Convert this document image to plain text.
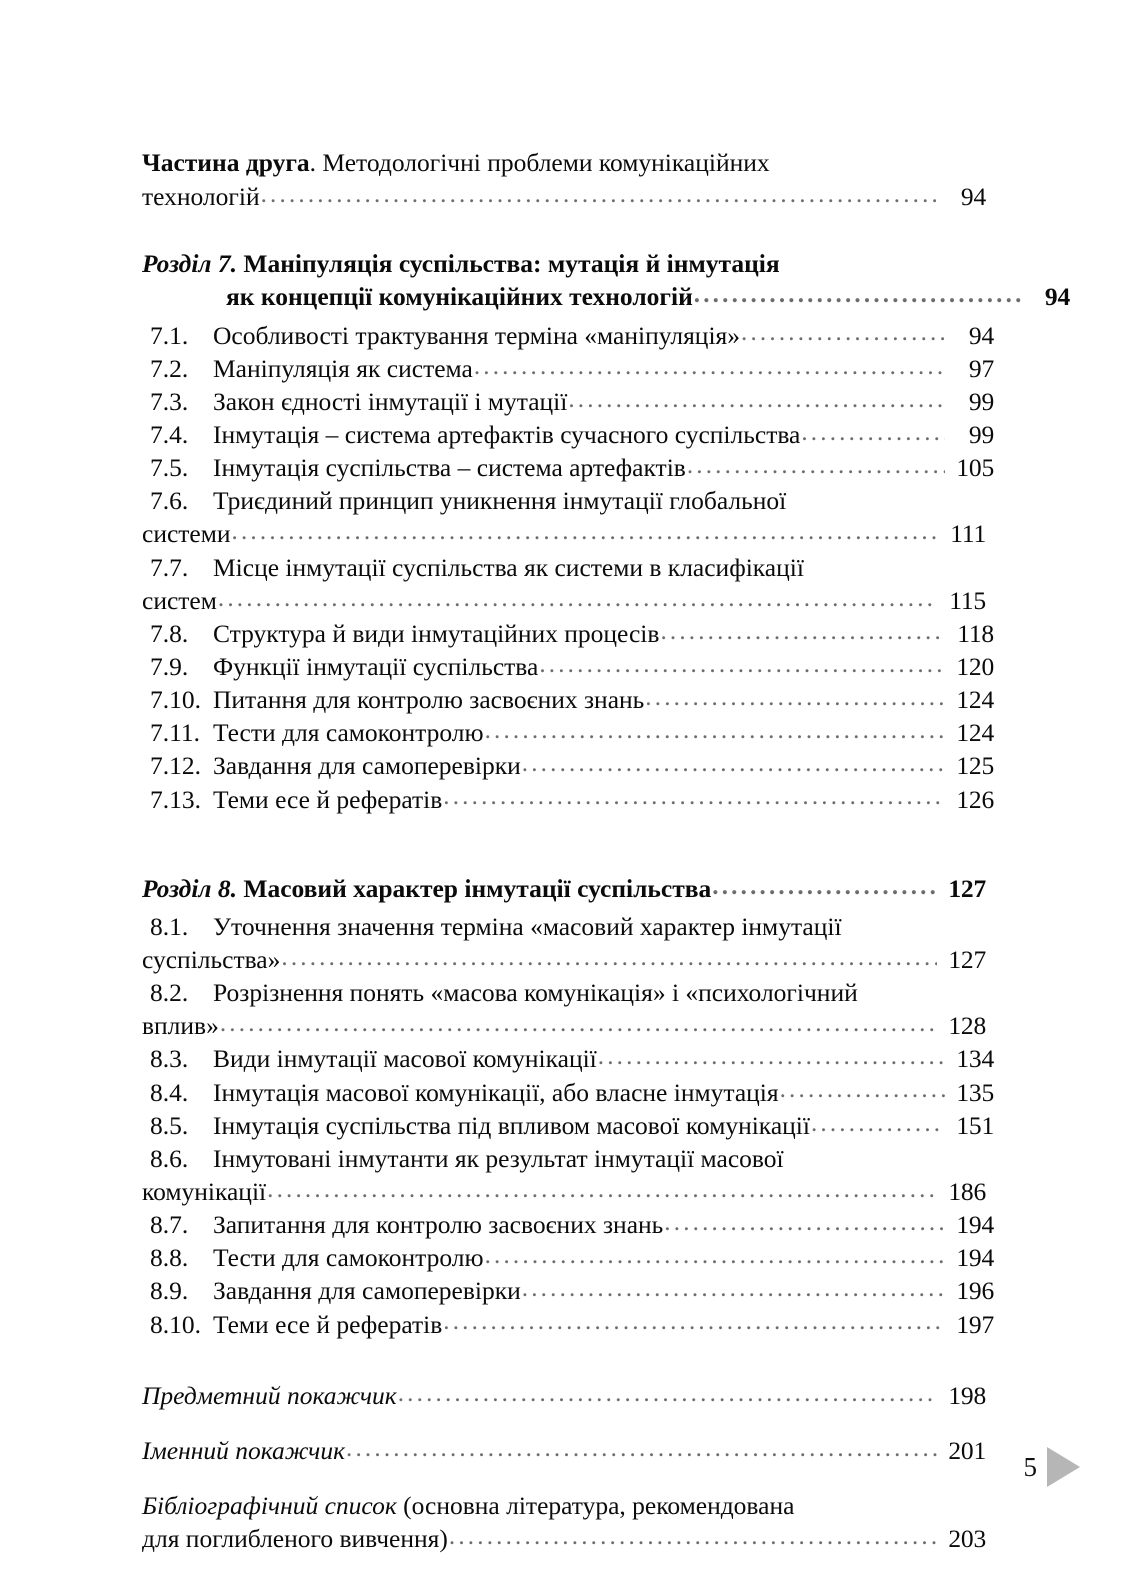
Частина друга. Методологічні проблеми комунікаційних
технологій .....	94
Розділ 7. Маніпуляція суспільства: мутація й інмутація
як концепції комунікаційних технологій .....	94
7.1. Особливості трактування терміна «маніпуляція» .....	94
7.2. Маніпуляція як система .....	97
7.3. Закон єдності інмутації і мутації .....	99
7.4. Інмутація – система артефактів сучасного суспільства .....	99
7.5. Інмутація суспільства – система артефактів .....	105
7.6. Триєдиний принцип уникнення інмутації глобальної
системи .....	111
7.7. Місце інмутації суспільства як системи в класифікації
систем .....	115
7.8. Структура й види інмутаційних процесів .....	118
7.9. Функції інмутації суспільства .....	120
7.10. Питання для контролю засвоєних знань .....	124
7.11. Тести для самоконтролю .....	124
7.12. Завдання для самоперевірки .....	125
7.13. Теми есе й рефератів .....	126
Розділ 8. Масовий характер інмутації суспільства .....	127
8.1. Уточнення значення терміна «масовий характер інмутації
суспільства» .....	127
8.2. Розрізнення понять «масова комунікація» і «психологічний
вплив» .....	128
8.3. Види інмутації масової комунікації .....	134
8.4. Інмутація масової комунікації, або власне інмутація .....	135
8.5. Інмутація суспільства під впливом масової комунікації .....	151
8.6. Інмутовані інмутанти як результат інмутації масової
комунікації .....	186
8.7. Запитання для контролю засвоєних знань .....	194
8.8. Тести для самоконтролю .....	194
8.9. Завдання для самоперевірки .....	196
8.10. Теми есе й рефератів .....	197
Предметний покажчик .....	198
Іменний покажчик .....	201
Бібліографічний список (основна література, рекомендована
для поглибленого вивчення) .....	203
5
